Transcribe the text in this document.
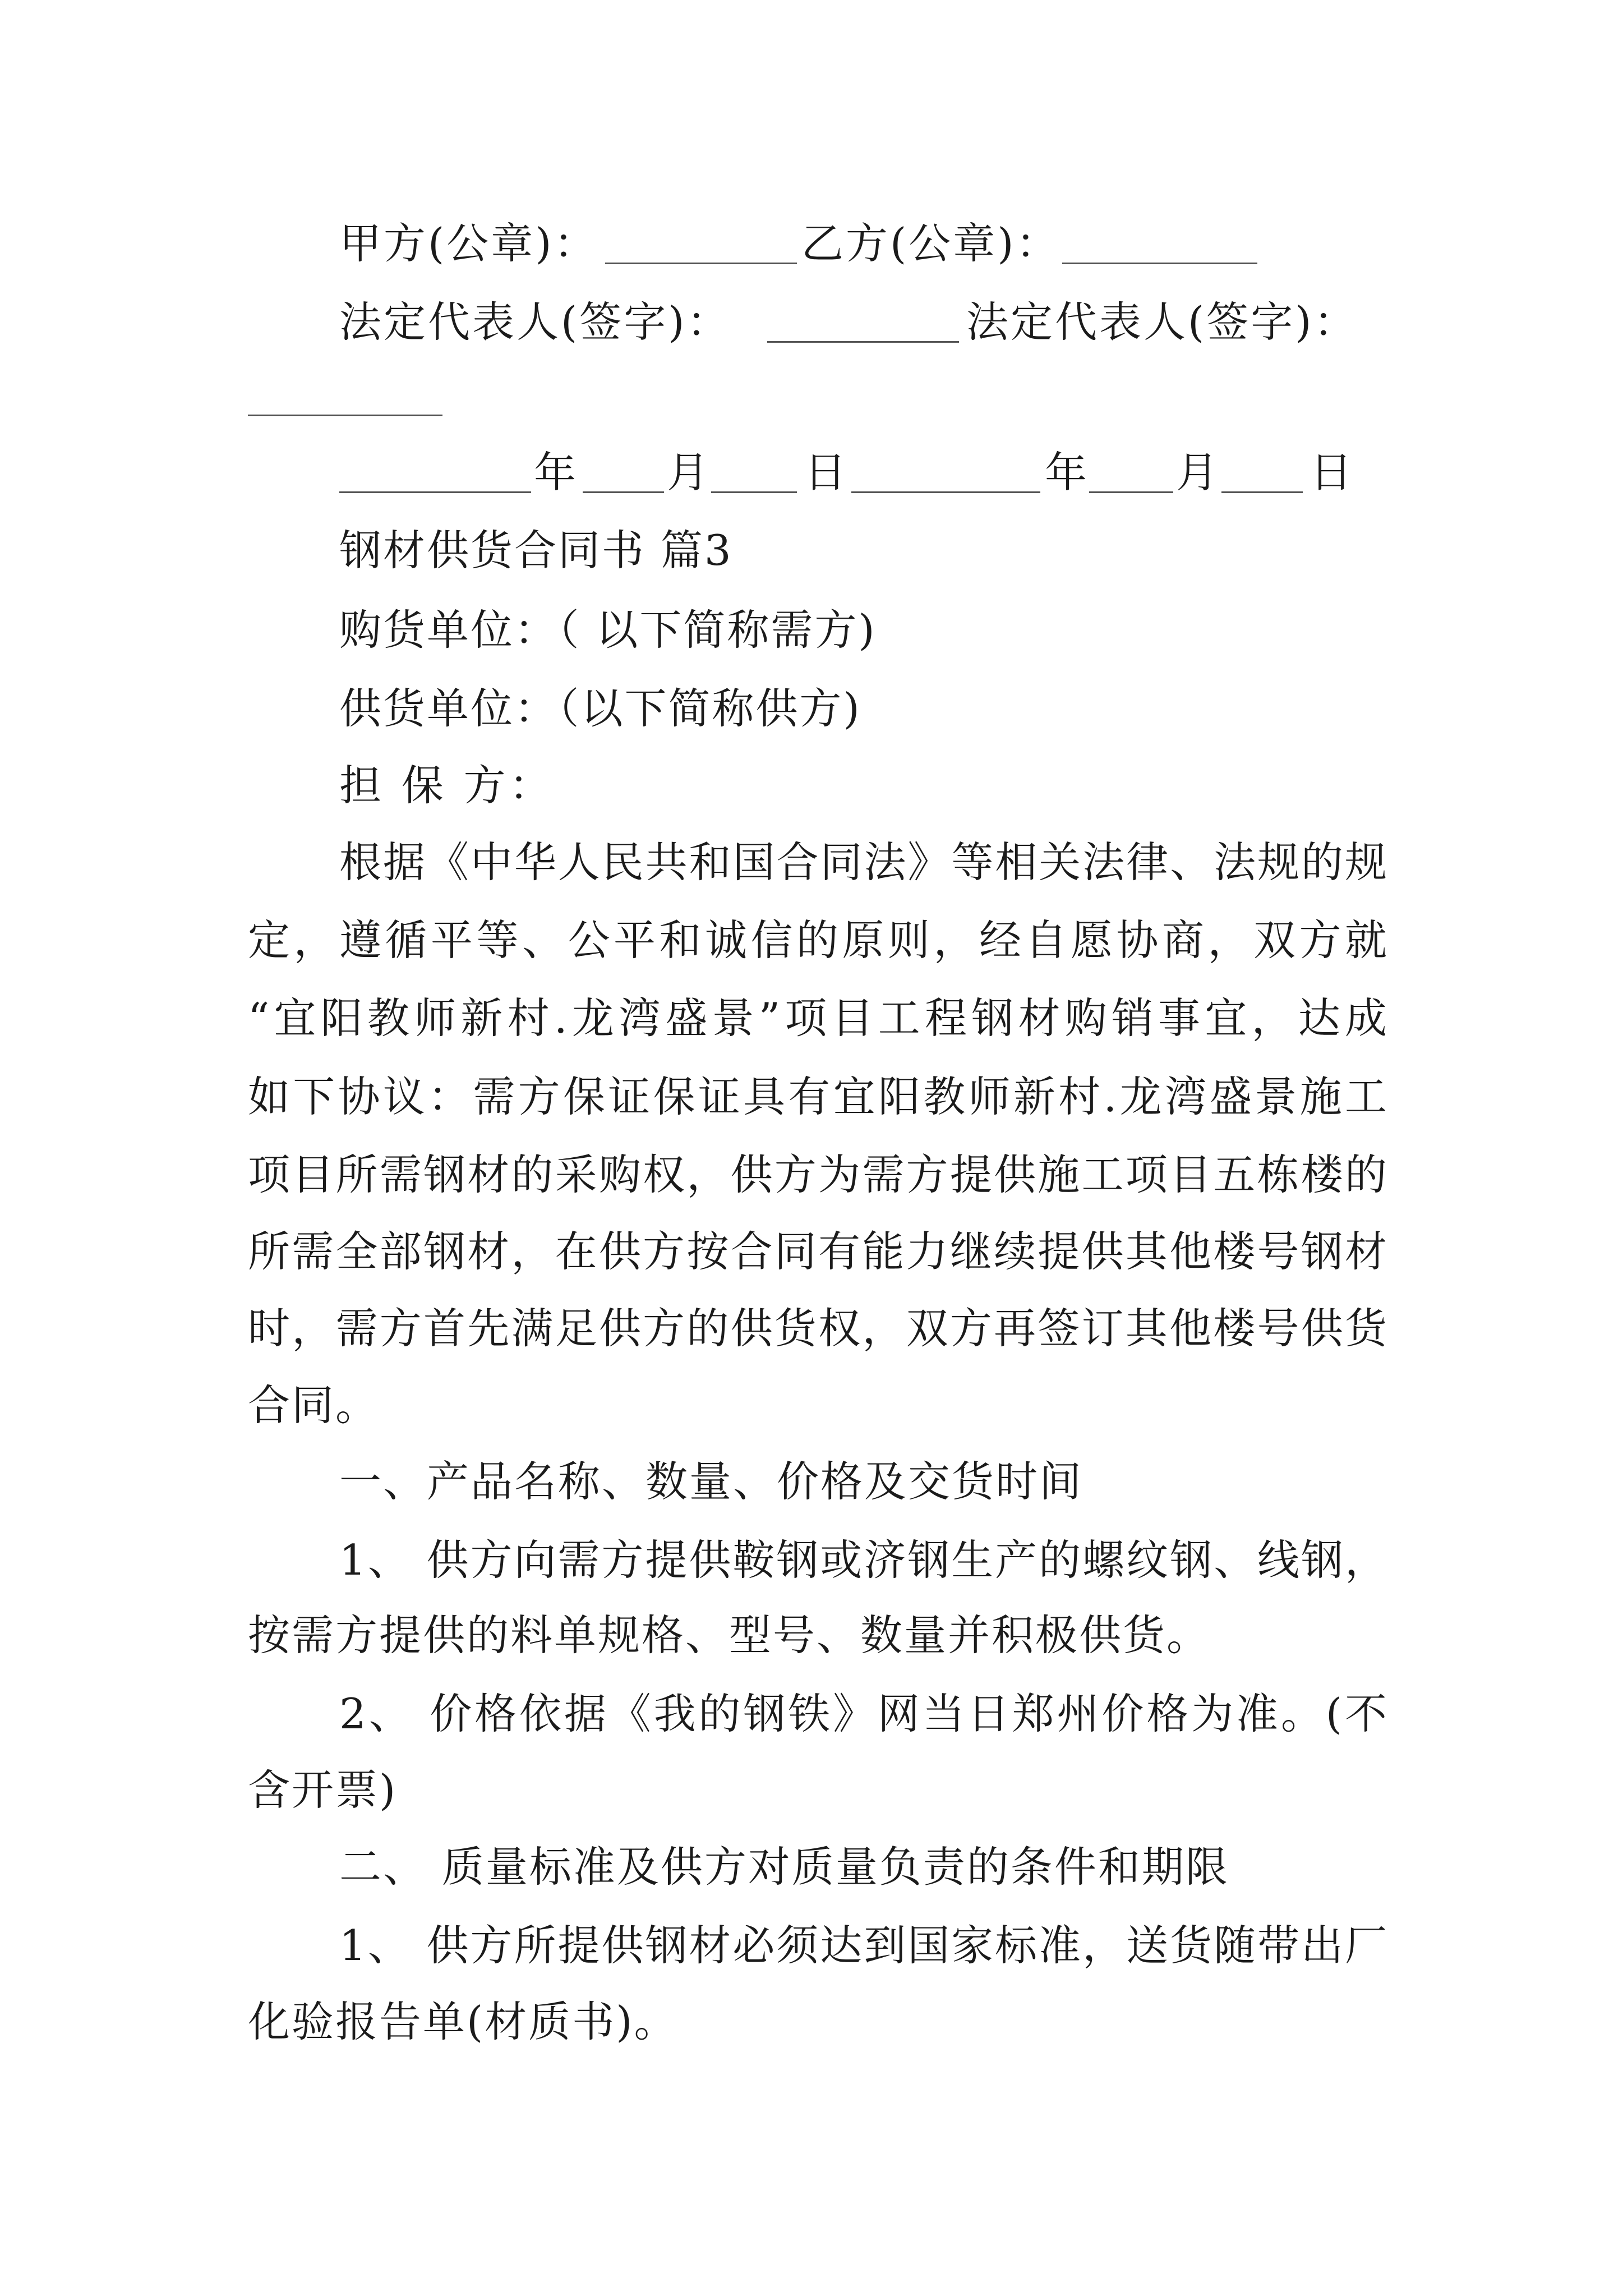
甲方(公章)：	乙方(公章)：
法定代表人(签字)：	法定代表人(签字)：
年 月 日	年 月 日
钢材供货合同书 篇3
购货单位：（ 以下简称需方)
供货单位：（以下简称供方)
担 保 方：
根据《中华人民共和国合同法》等相关法律、法规的规
定，遵循平等、公平和诚信的原则，经自愿协商，双方就
“宜阳教师新村.龙湾盛景”项目工程钢材购销事宜，达成
如下协议：需方保证保证具有宜阳教师新村.龙湾盛景施工
项目所需钢材的采购权，供方为需方提供施工项目五栋楼的
所需全部钢材，在供方按合同有能力继续提供其他楼号钢材
时，需方首先满足供方的供货权，双方再签订其他楼号供货
合同。
一、产品名称、数量、价格及交货时间
1、 供方向需方提供鞍钢或济钢生产的螺纹钢、线钢，
按需方提供的料单规格、型号、数量并积极供货。
2、 价格依据《我的钢铁》网当日郑州价格为准。(不
含开票)
二、 质量标准及供方对质量负责的条件和期限
1、 供方所提供钢材必须达到国家标准，送货随带出厂
化验报告单(材质书)。
